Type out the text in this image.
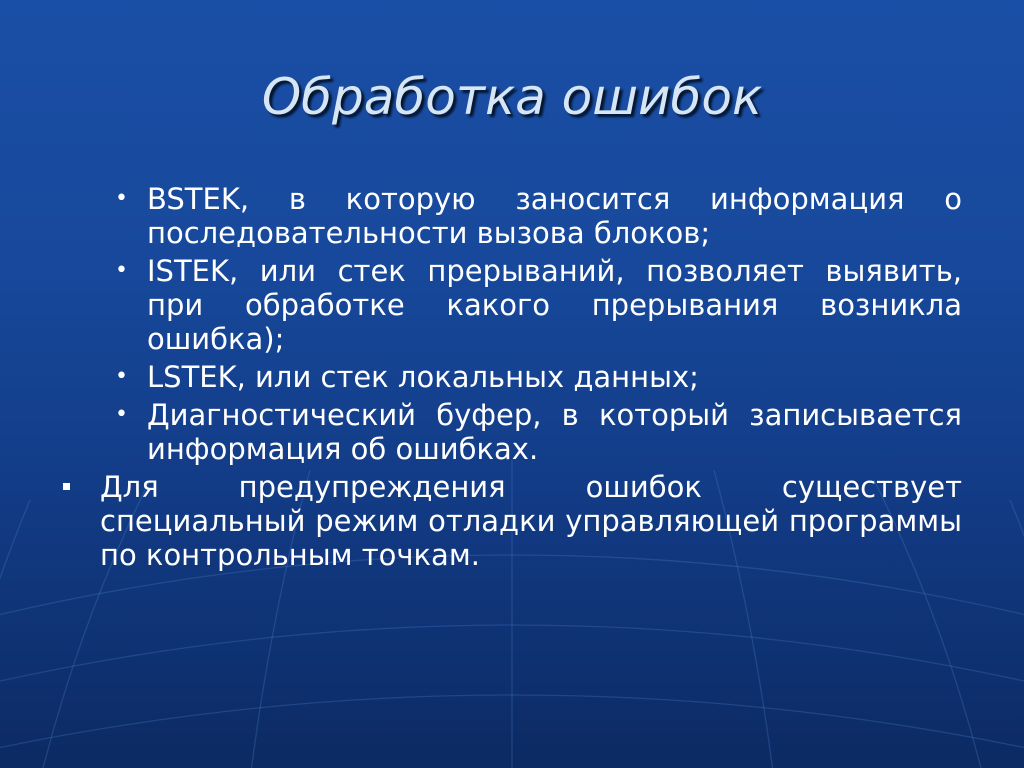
Обработка ошибок
• BSTEK, в которую заносится информация о последовательности вызова блоков;
• ISTEK, или стек прерываний, позволяет выявить, при обработке какого прерывания возникла ошибка);
• LSTEK, или стек локальных данных;
• Диагностический буфер, в который записывается информация об ошибках.
Для предупреждения ошибок существует специальный режим отладки управляющей программы по контрольным точкам.
